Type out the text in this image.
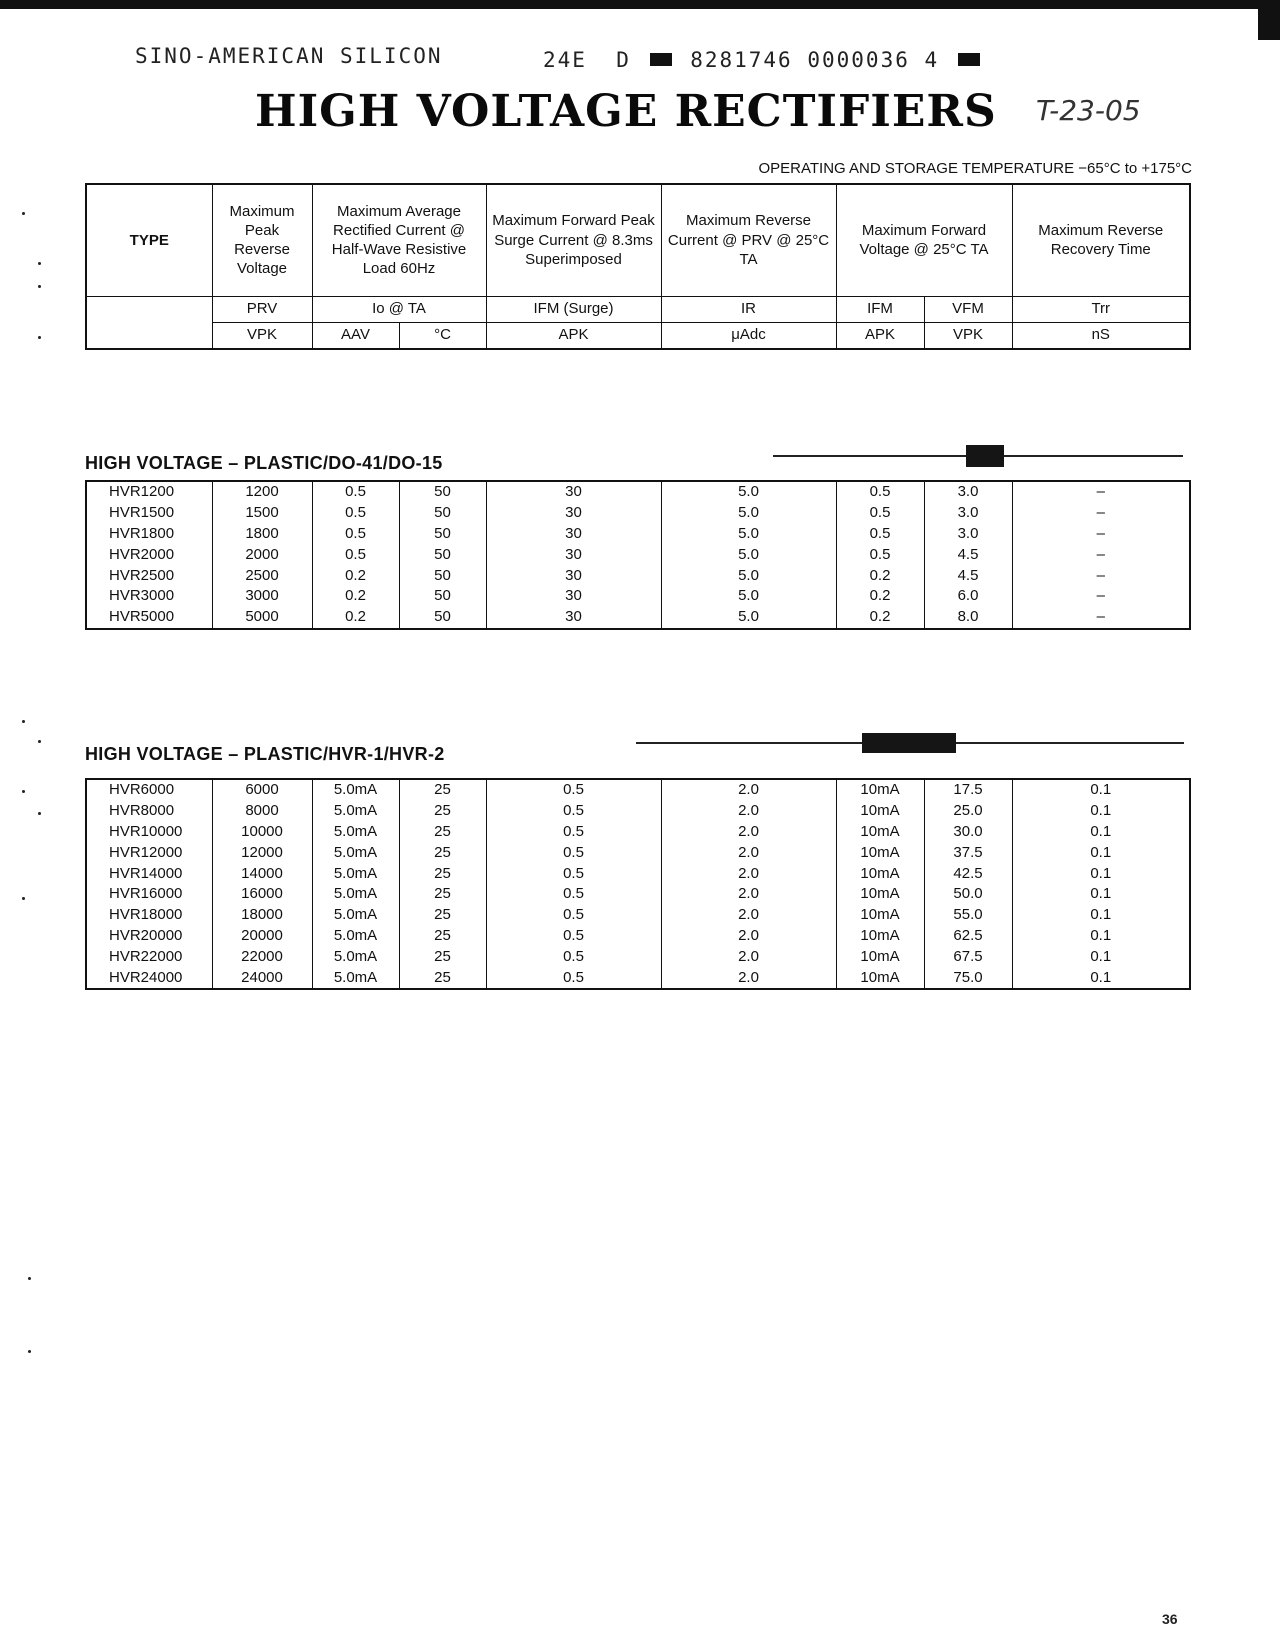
SINO-AMERICAN SILICON	24E D	8281746 0000036 4
HIGH VOLTAGE RECTIFIERS T-23-05
OPERATING AND STORAGE TEMPERATURE −65°C to +175°C
TYPE	Maximum Peak Reverse Voltage	Maximum Average Rectified Current @ Half-Wave Resistive Load 60Hz		Maximum Forward Peak Surge Current @ 8.3ms Superimposed	Maximum Reverse Current @ PRV @ 25°C TA	Maximum Forward Voltage @ 25°C TA		Maximum Reverse Recovery Time
	PRV	Io @ TA		IFM (Surge)	IR	IFM	VFM	Trr
	VPK	AAV	°C	APK	μAdc	APK	VPK	nS
HIGH VOLTAGE – PLASTIC/DO-41/DO-15
HVR1200	1200	0.5	50	30	5.0	0.5	3.0	–
HVR1500	1500	0.5	50	30	5.0	0.5	3.0	–
HVR1800	1800	0.5	50	30	5.0	0.5	3.0	–
HVR2000	2000	0.5	50	30	5.0	0.5	4.5	–
HVR2500	2500	0.2	50	30	5.0	0.2	4.5	–
HVR3000	3000	0.2	50	30	5.0	0.2	6.0	–
HVR5000	5000	0.2	50	30	5.0	0.2	8.0	–
HIGH VOLTAGE – PLASTIC/HVR-1/HVR-2
HVR6000	6000	5.0mA	25	0.5	2.0	10mA	17.5	0.1
HVR8000	8000	5.0mA	25	0.5	2.0	10mA	25.0	0.1
HVR10000	10000	5.0mA	25	0.5	2.0	10mA	30.0	0.1
HVR12000	12000	5.0mA	25	0.5	2.0	10mA	37.5	0.1
HVR14000	14000	5.0mA	25	0.5	2.0	10mA	42.5	0.1
HVR16000	16000	5.0mA	25	0.5	2.0	10mA	50.0	0.1
HVR18000	18000	5.0mA	25	0.5	2.0	10mA	55.0	0.1
HVR20000	20000	5.0mA	25	0.5	2.0	10mA	62.5	0.1
HVR22000	22000	5.0mA	25	0.5	2.0	10mA	67.5	0.1
HVR24000	24000	5.0mA	25	0.5	2.0	10mA	75.0	0.1
36
